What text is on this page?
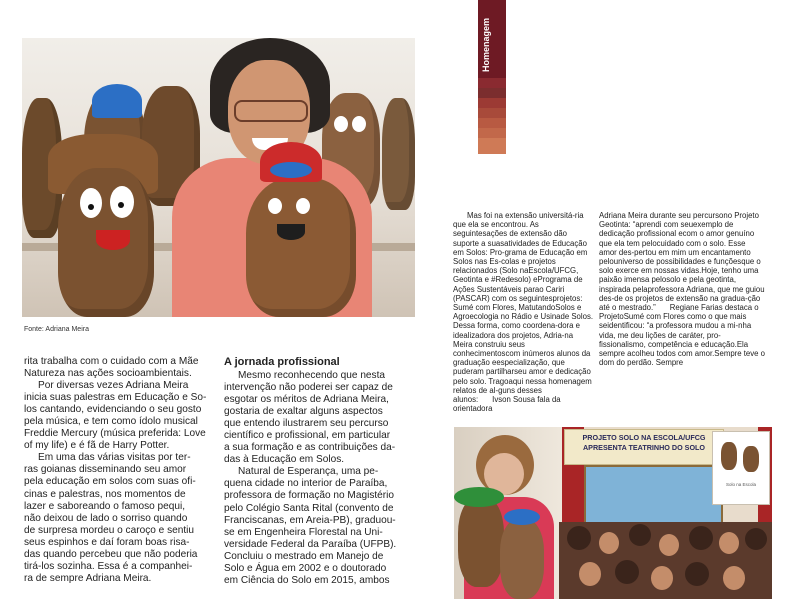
Homenagem
Fonte: Adriana Meira
rita trabalha com o cuidado com a Mãe
Natureza nas ações socioambientais.
Por diversas vezes Adriana Meira
inicia suas palestras em Educação e So-
los cantando, evidenciando o seu gosto
pela música, e tem como ídolo musical
Freddie Mercury (música preferida: Love
of my life) e é fã de Harry Potter.
Em uma das várias visitas por ter-
ras goianas disseminando seu amor
pela educação em solos com suas ofi-
cinas e palestras, nos momentos de
lazer e saboreando o famoso pequi,
não deixou de lado o sorriso quando
de surpresa mordeu o caroço e sentiu
seus espinhos e daí foram boas risa-
das quando percebeu que não poderia
tirá-los sozinha. Essa é a companhei-
ra de sempre Adriana Meira.
A jornada profissional
Mesmo reconhecendo que nesta
intervenção não poderei ser capaz de
esgotar os méritos de Adriana Meira,
gostaria de exaltar alguns aspectos
que entendo ilustrarem seu percurso
científico e profissional, em particular
a sua formação e as contribuições da-
das à Educação em Solos.
Natural de Esperança, uma pe-
quena cidade no interior de Paraíba,
professora de formação no Magistério
pelo Colégio Santa Rital (convento de
Franciscanas, em Areia-PB), graduou-
se em Engenheira Florestal na Uni-
versidade Federal da Paraíba (UFPB).
Concluiu o mestrado em Manejo de
Solo e Água em 2002 e o doutorado
em Ciência do Solo em 2015, ambos
Mas foi na extensão universitá-ria que ela se encontrou. As seguintesações de extensão dão suporte a suasatividades de Educação em Solos: Pro-grama de Educação em Solos nas Es-colas e projetos relacionados (Solo naEscola/UFCG, Geotinta e #Redesolo) ePrograma de Ações Sustentáveis parao Cariri (PASCAR) com os seguintesprojetos: Sumé com Flores, MatutandoSolos e Agroecologia no Rádio e Usinade Solos. Dessa forma, como coordena-dora e idealizadora dos projetos, Adria-na Meira construiu seus conhecimentoscom inúmeros alunos da graduação eespecialização, que puderam partilharseu amor e dedicação pelo solo. Tragoaqui nessa homenagem relatos de al-guns desses alunos: Ivson Sousa fala da orientadora
Adriana Meira durante seu percursono Projeto Geotinta: “aprendi com seuexemplo de dedicação profissional ecom o amor genuíno que ela tem pelocuidado com o solo. Esse amor des-pertou em mim um encantamento pelouniverso de possibilidades e funçõesque o solo exerce em nossas vidas.Hoje, tenho uma paixão imensa pelosolo e pela geotinta, inspirada pelaprofessora Adriana, que me guiou des-de os projetos de extensão na gradua-ção até o mestrado.” Regiane Farias destaca o ProjetoSumé com Flores como o que mais seidentificou: “a professora mudou a mi-nha vida, me deu lições de caráter, pro-fissionalismo, competência e educação.Ela sempre acolheu todos com amor.Sempre teve o dom do perdão. Sempre
PROJETO SOLO NA ESCOLA/UFCG APRESENTA TEATRINHO DO SOLO
Solo na Escola
